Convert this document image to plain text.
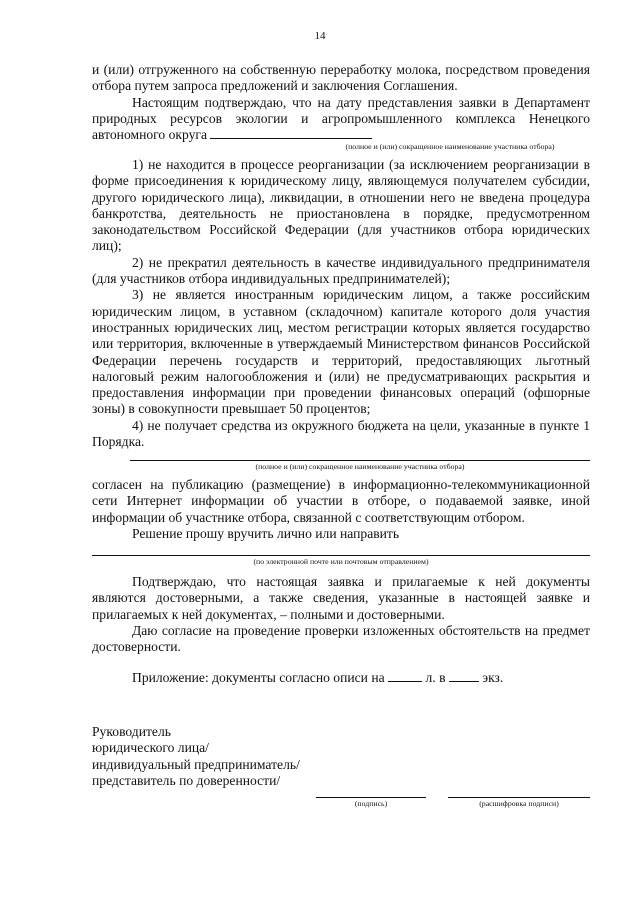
14

и (или) отгруженного на собственную переработку молока, посредством проведения отбора путем запроса предложений и заключения Соглашения.

Настоящим подтверждаю, что на дату представления заявки в Департамент природных ресурсов экологии и агропромышленного комплекса Ненецкого автономного округа

(полное и (или) сокращенное наименование участника отбора)

1) не находится в процессе реорганизации (за исключением реорганизации в форме присоединения к юридическому лицу, являющемуся получателем субсидии, другого юридического лица), ликвидации, в отношении него не введена процедура банкротства, деятельность не приостановлена в порядке, предусмотренном законодательством Российской Федерации (для участников отбора юридических лиц);

2) не прекратил деятельность в качестве индивидуального предпринимателя (для участников отбора индивидуальных предпринимателей);

3) не является иностранным юридическим лицом, а также российским юридическим лицом, в уставном (складочном) капитале которого доля участия иностранных юридических лиц, местом регистрации которых является государство или территория, включенные в утверждаемый Министерством финансов Российской Федерации перечень государств и территорий, предоставляющих льготный налоговый режим налогообложения и (или) не предусматривающих раскрытия и предоставления информации при проведении финансовых операций (офшорные зоны) в совокупности превышает 50 процентов;

4) не получает средства из окружного бюджета на цели, указанные в пункте 1 Порядка.

(полное и (или) сокращенное наименование участника отбора)

согласен на публикацию (размещение) в информационно-телекоммуникационной сети Интернет информации об участии в отборе, о подаваемой заявке, иной информации об участнике отбора, связанной с соответствующим отбором.

Решение прошу вручить лично или направить

(по электронной почте или почтовым отправлением)

Подтверждаю, что настоящая заявка и прилагаемые к ней документы являются достоверными, а также сведения, указанные в настоящей заявке и прилагаемых к ней документах, – полными и достоверными.

Даю согласие на проведение проверки изложенных обстоятельств на предмет достоверности.

Приложение: документы согласно описи на	л. в	экз.
Руководитель
юридического лица/
индивидуальный предприниматель/
представитель по доверенности/
(подпись)	(расшифровка подписи)
